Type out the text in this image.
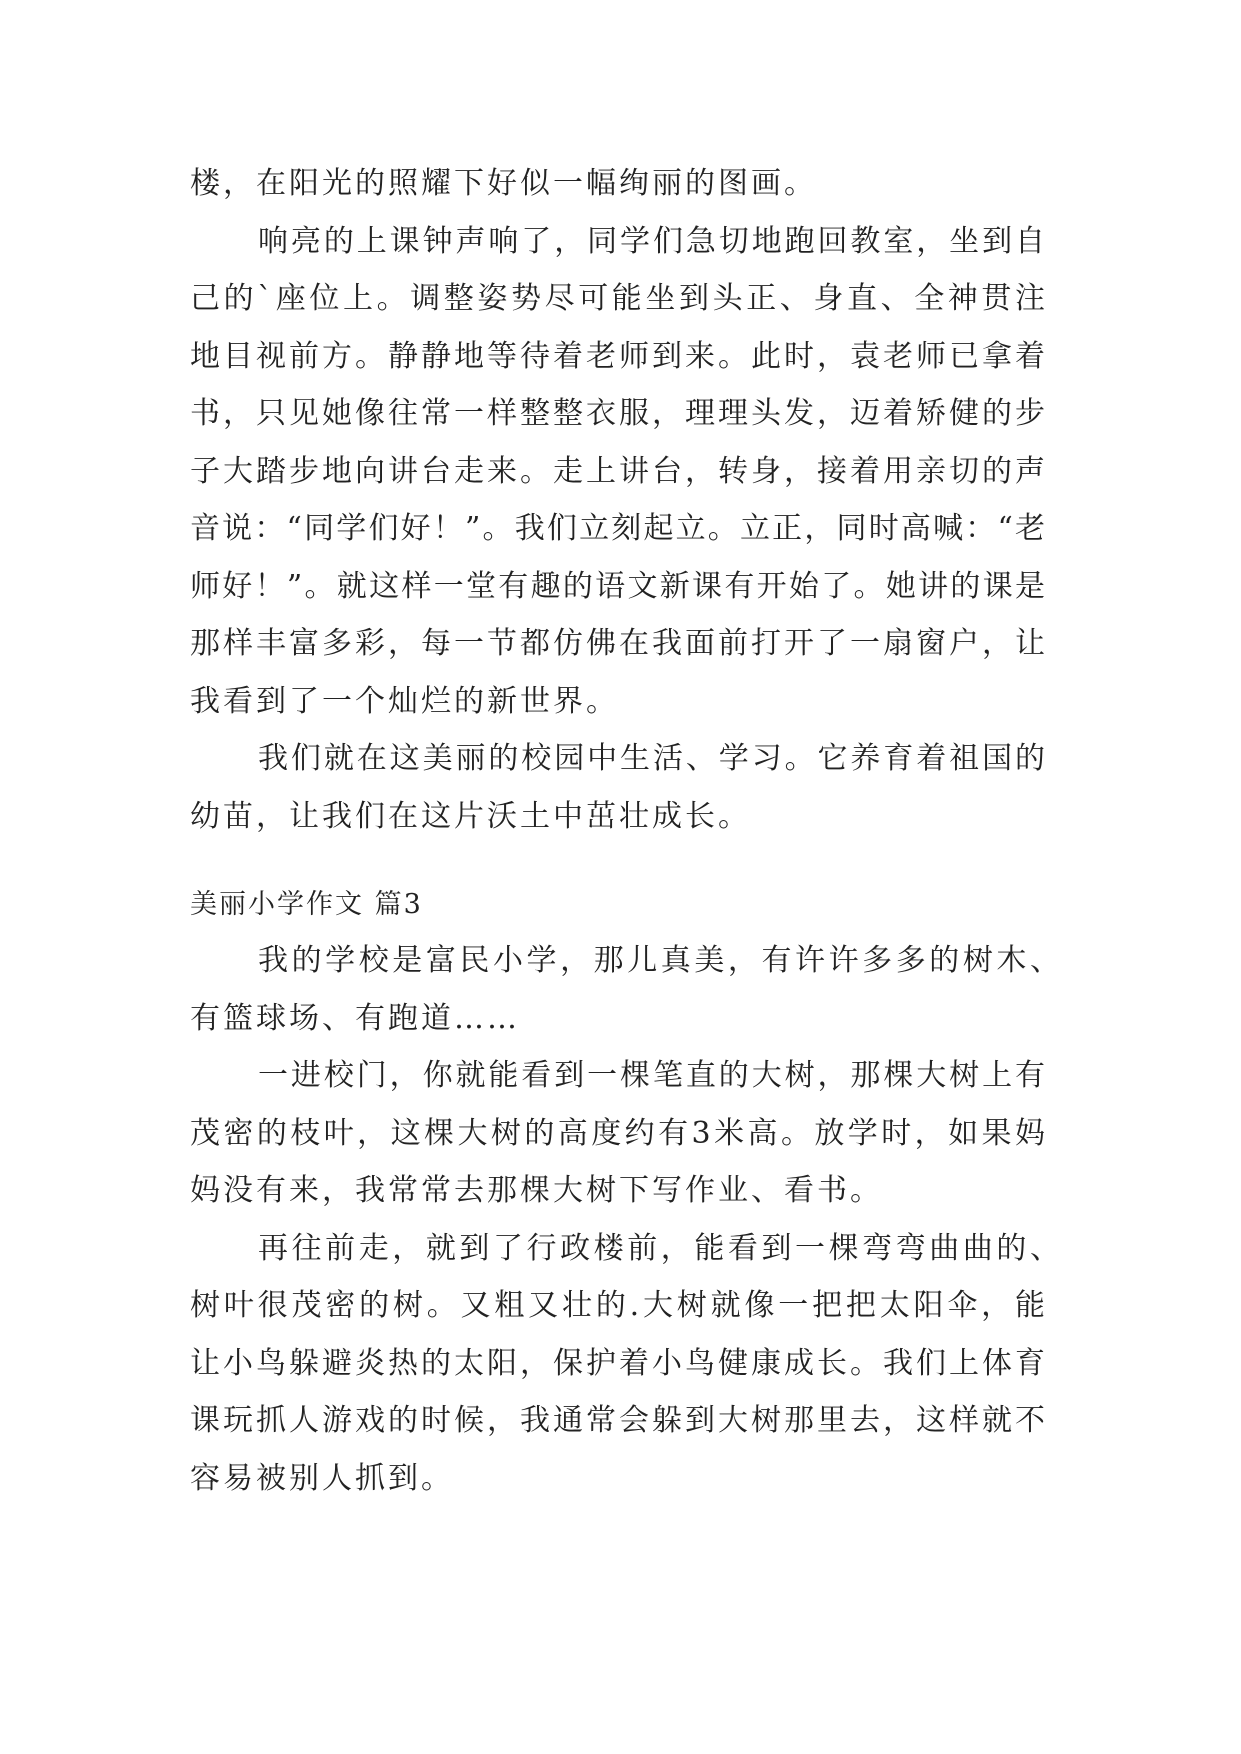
楼，在阳光的照耀下好似一幅绚丽的图画。
响亮的上课钟声响了，同学们急切地跑回教室，坐到自
己的`座位上。调整姿势尽可能坐到头正、身直、全神贯注
地目视前方。静静地等待着老师到来。此时，袁老师已拿着
书，只见她像往常一样整整衣服，理理头发，迈着矫健的步
子大踏步地向讲台走来。走上讲台，转身，接着用亲切的声
音说：“同学们好！”。我们立刻起立。立正，同时高喊：“老
师好！”。就这样一堂有趣的语文新课有开始了。她讲的课是
那样丰富多彩，每一节都仿佛在我面前打开了一扇窗户，让
我看到了一个灿烂的新世界。
我们就在这美丽的校园中生活、学习。它养育着祖国的
幼苗，让我们在这片沃土中茁壮成长。
美丽小学作文 篇3
我的学校是富民小学，那儿真美，有许许多多的树木、
有篮球场、有跑道……
一进校门，你就能看到一棵笔直的大树，那棵大树上有
茂密的枝叶，这棵大树的高度约有3米高。放学时，如果妈
妈没有来，我常常去那棵大树下写作业、看书。
再往前走，就到了行政楼前，能看到一棵弯弯曲曲的、
树叶很茂密的树。又粗又壮的.大树就像一把把太阳伞，能
让小鸟躲避炎热的太阳，保护着小鸟健康成长。我们上体育
课玩抓人游戏的时候，我通常会躲到大树那里去，这样就不
容易被别人抓到。
